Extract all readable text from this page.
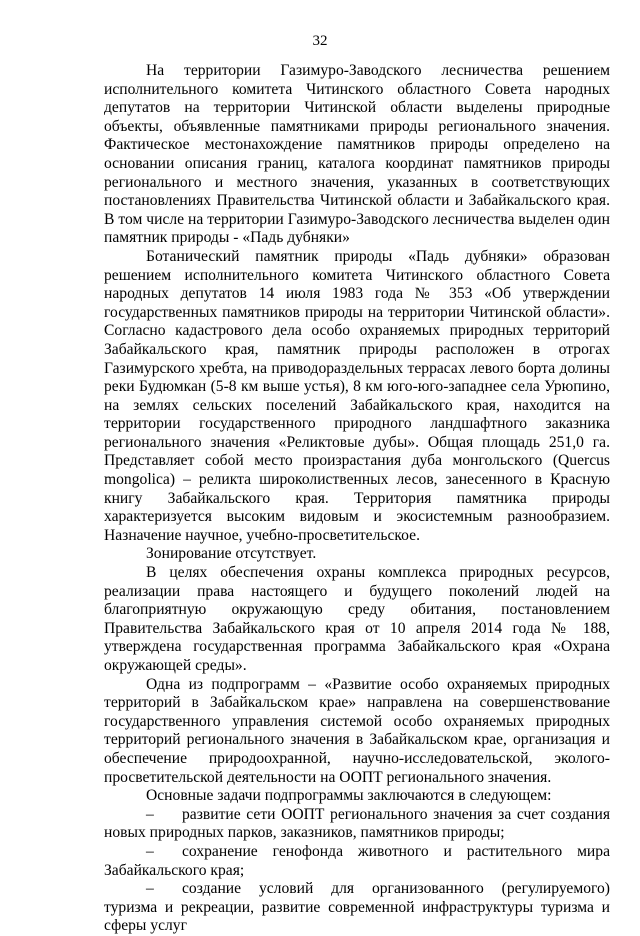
32

На территории Газимуро-Заводского лесничества решением исполнительного комитета Читинского областного Совета народных депутатов на территории Читинской области выделены природные объекты, объявленные памятниками природы регионального значения. Фактическое местонахождение памятников природы определено на основании описания границ, каталога координат памятников природы регионального и местного значения, указанных в соответствующих постановлениях Правительства Читинской области и Забайкальского края. В том числе на территории Газимуро-Заводского лесничества выделен один памятник природы - «Падь дубняки»

Ботанический памятник природы «Падь дубняки» образован решением исполнительного комитета Читинского областного Совета народных депутатов 14 июля 1983 года № 353 «Об утверждении государственных памятников природы на территории Читинской области». Согласно кадастрового дела особо охраняемых природных территорий Забайкальского края, памятник природы расположен в отрогах Газимурского хребта, на приводораздельных террасах левого борта долины реки Будюмкан (5-8 км выше устья), 8 км юго-юго-западнее села Урюпино, на землях сельских поселений Забайкальского края, находится на территории государственного природного ландшафтного заказника регионального значения «Реликтовые дубы». Общая площадь 251,0 га. Представляет собой место произрастания дуба монгольского (Quercus mongolica) – реликта широколиственных лесов, занесенного в Красную книгу Забайкальского края. Территория памятника природы характеризуется высоким видовым и экосистемным разнообразием. Назначение научное, учебно-просветительское.

Зонирование отсутствует.

В целях обеспечения охраны комплекса природных ресурсов, реализации права настоящего и будущего поколений людей на благоприятную окружающую среду обитания, постановлением Правительства Забайкальского края от 10 апреля 2014 года № 188, утверждена государственная программа Забайкальского края «Охрана окружающей среды».

Одна из подпрограмм – «Развитие особо охраняемых природных территорий в Забайкальском крае» направлена на совершенствование государственного управления системой особо охраняемых природных территорий регионального значения в Забайкальском крае, организация и обеспечение природоохранной, научно-исследовательской, эколого-просветительской деятельности на ООПТ регионального значения.

Основные задачи подпрограммы заключаются в следующем:

– развитие сети ООПТ регионального значения за счет создания новых природных парков, заказников, памятников природы;

– сохранение генофонда животного и растительного мира Забайкальского края;

– создание условий для организованного (регулируемого) туризма и рекреации, развитие современной инфраструктуры туризма и сферы услуг
